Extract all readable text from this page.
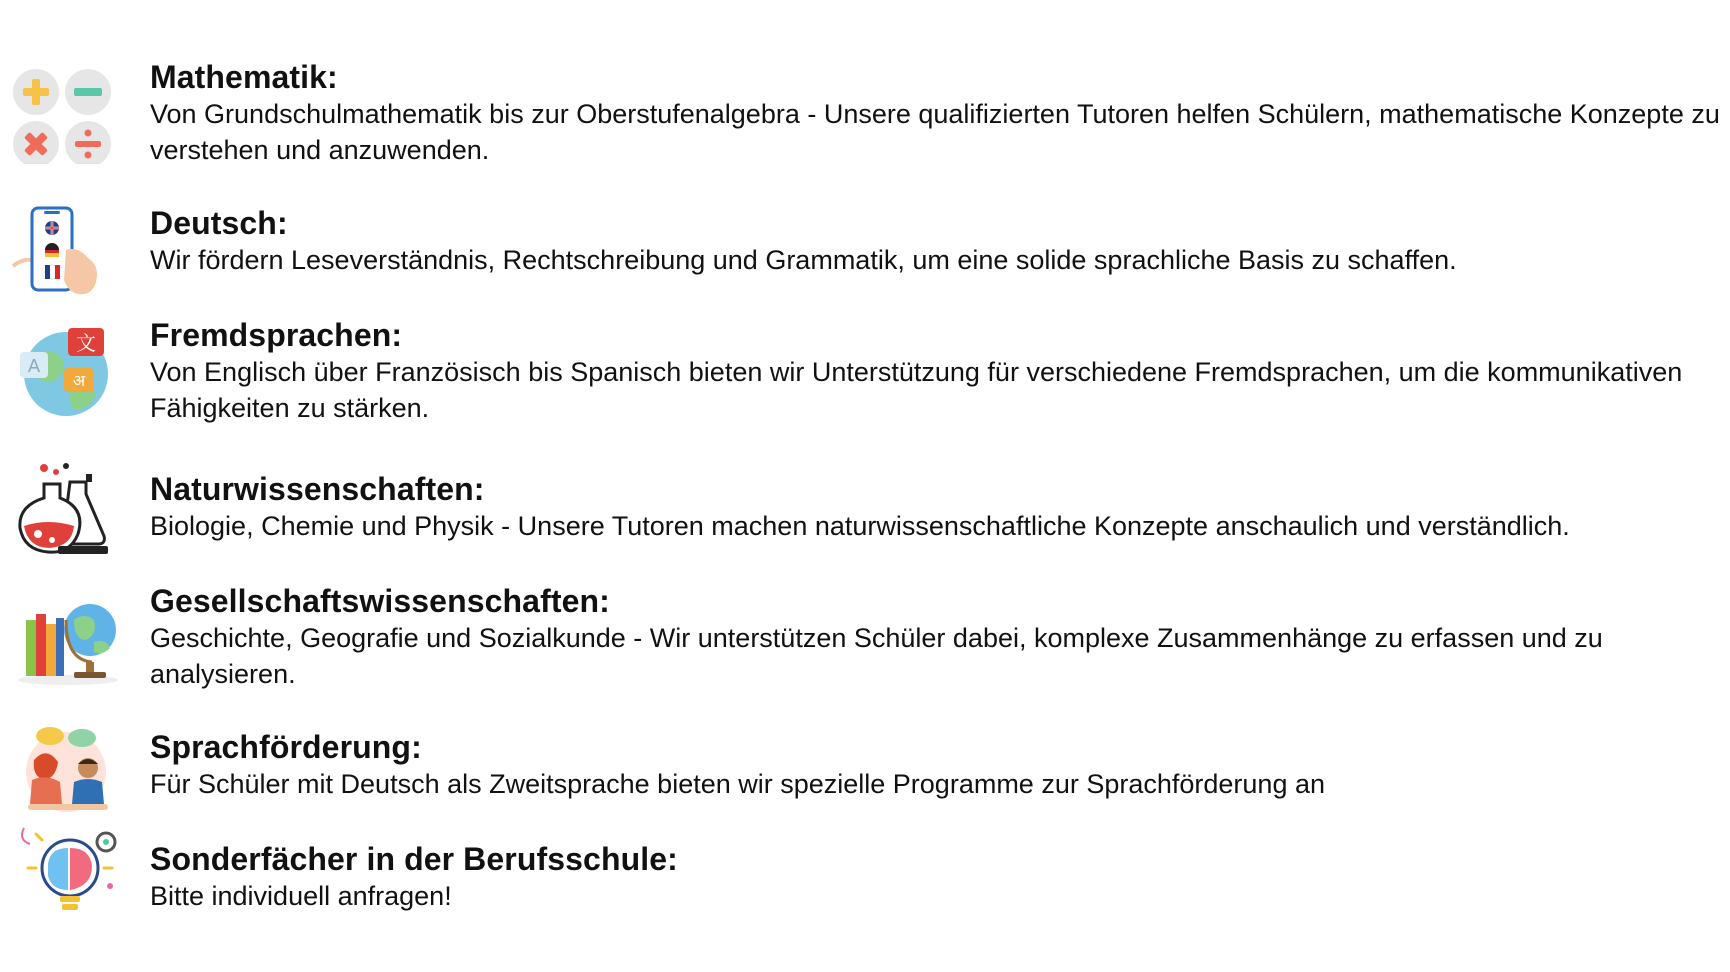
Mathematik:

Von Grundschulmathematik bis zur Oberstufenalgebra - Unsere qualifizierten Tutoren helfen Schülern, mathematische Konzepte zu verstehen und anzuwenden.

Deutsch:

Wir fördern Leseverständnis, Rechtschreibung und Grammatik, um eine solide sprachliche Basis zu schaffen.

文
A
अ

Fremdsprachen:

Von Englisch über Französisch bis Spanisch bieten wir Unterstützung für verschiedene Fremdsprachen, um die kommunikativen Fähigkeiten zu stärken.

Naturwissenschaften:

Biologie, Chemie und Physik - Unsere Tutoren machen naturwissenschaftliche Konzepte anschaulich und verständlich.

Gesellschaftswissenschaften:

Geschichte, Geografie und Sozialkunde - Wir unterstützen Schüler dabei, komplexe Zusammenhänge zu erfassen und zu analysieren.

Sprachförderung:

Für Schüler mit Deutsch als Zweitsprache bieten wir spezielle Programme zur Sprachförderung an

Sonderfächer in der Berufsschule:

Bitte individuell anfragen!
